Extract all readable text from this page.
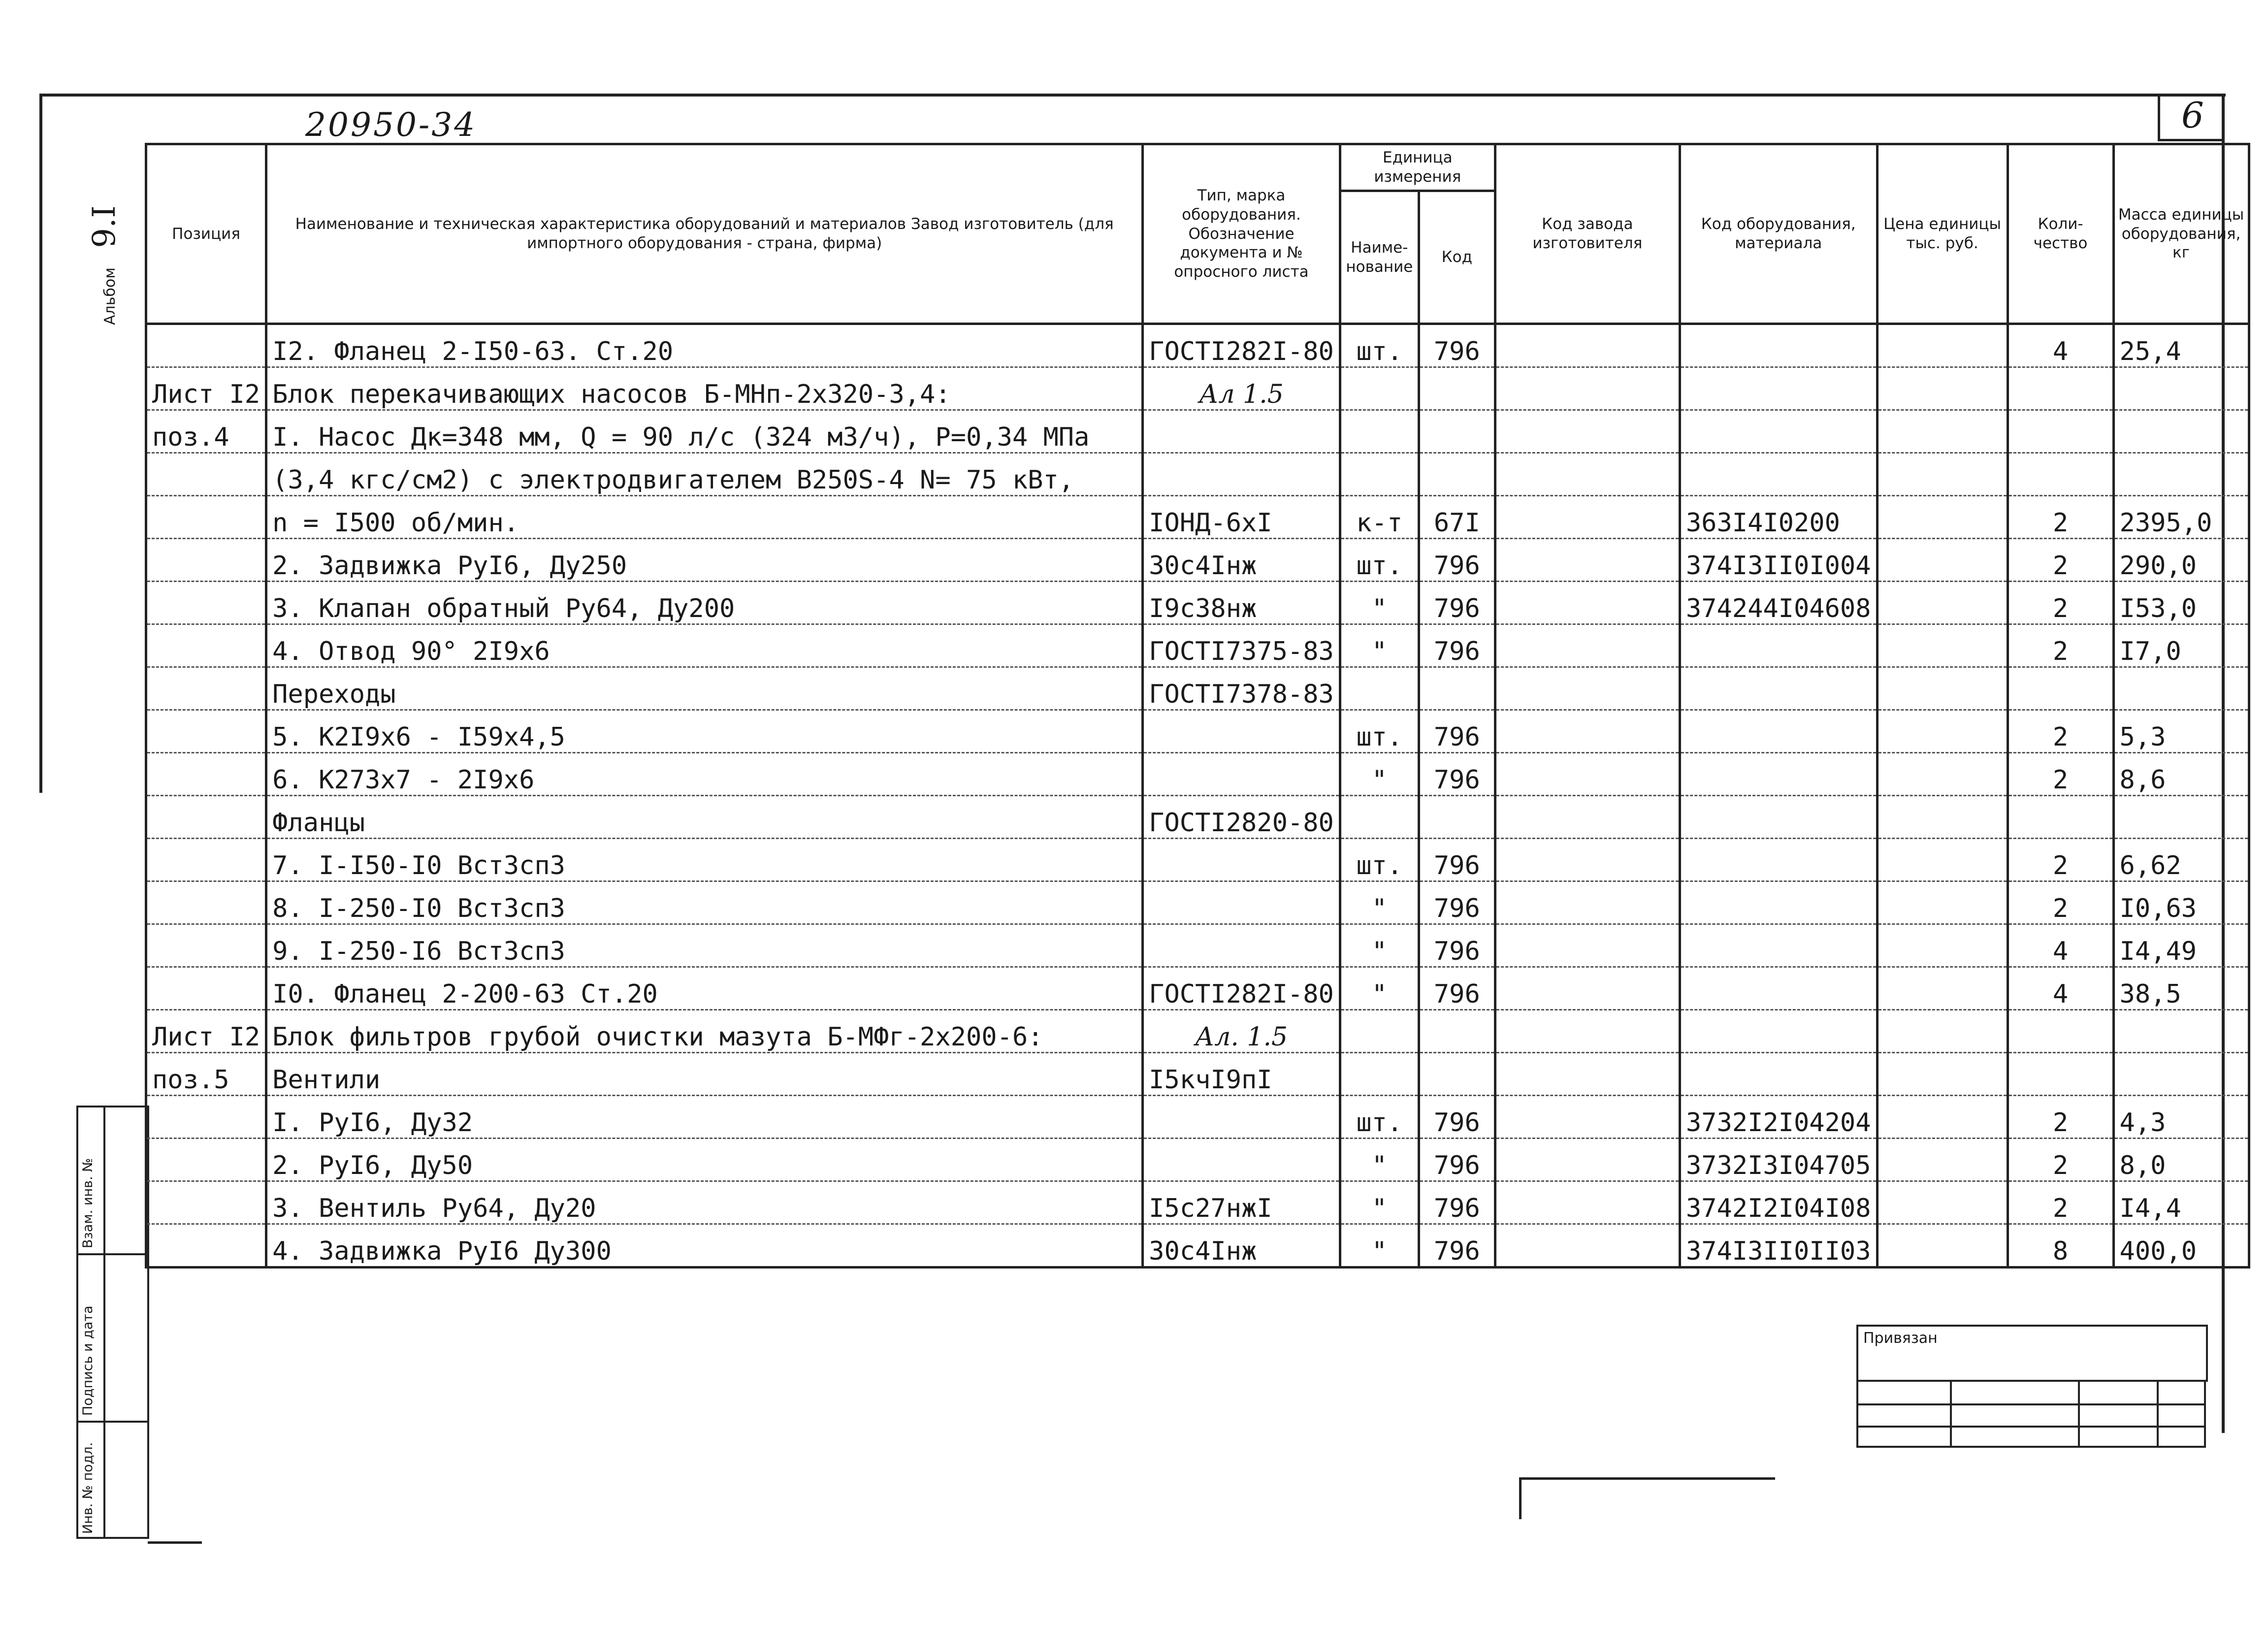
20950-34	6
Альбом 9.I
Взам. инв. №
Подпись и дата
Инв. № подл.
Позиция	Наименование и техническая характеристика оборудований и материалов Завод изготовитель (для импортного оборудования - страна, фирма)	Тип, марка оборудования. Обозначение документа и № опросного листа	Единица измерения		Код завода изготовителя	Код оборудования, материала	Цена единицы тыс. руб.	Коли- чество	Масса единицы оборудования, кг
			Наиме- нование	Код					
	I2. Фланец 2-I50-63. Ст.20	ГОСТI282I-80	шт.	796				4	25,4
Лист I2	Блок перекачивающих насосов Б-МНп-2х320-3,4:	Ал 1.5							
поз.4	I. Насос Дк=348 мм, Q = 90 л/с (324 м3/ч), Р=0,34 МПа								
	(3,4 кгс/см2) с электродвигателем В250S-4 N= 75 кВт,								
	n = I500 об/мин.	IОНД-6хI	к-т	67I		363I4I0200		2	2395,0
	2. Задвижка РуI6, Ду250	30с4Iнж	шт.	796		374I3II0I004		2	290,0
	3. Клапан обратный Ру64, Ду200	I9с38нж	"	796		374244I04608		2	I53,0
	4. Отвод 90° 2I9х6	ГОСТI7375-83	"	796				2	I7,0
	Переходы	ГОСТI7378-83							
	5. К2I9х6 - I59х4,5		шт.	796				2	5,3
	6. К273х7 - 2I9х6		"	796				2	8,6
	Фланцы	ГОСТI2820-80							
	7. I-I50-I0 ВстЗсп3		шт.	796				2	6,62
	8. I-250-I0 ВстЗсп3		"	796				2	I0,63
	9. I-250-I6 ВстЗсп3		"	796				4	I4,49
	I0. Фланец 2-200-63 Ст.20	ГОСТI282I-80	"	796				4	38,5
Лист I2	Блок фильтров грубой очистки мазута Б-МФг-2х200-6:	Ал. 1.5							
поз.5	Вентили	I5кчI9пI							
	I. РуI6, Ду32		шт.	796		3732I2I04204		2	4,3
	2. РуI6, Ду50		"	796		3732I3I04705		2	8,0
	3. Вентиль Ру64, Ду20	I5с27нжI	"	796		3742I2I04I08		2	I4,4
	4. Задвижка РуI6 Ду300	30с4Iнж	"	796		374I3II0II03		8	400,0
Привязан
